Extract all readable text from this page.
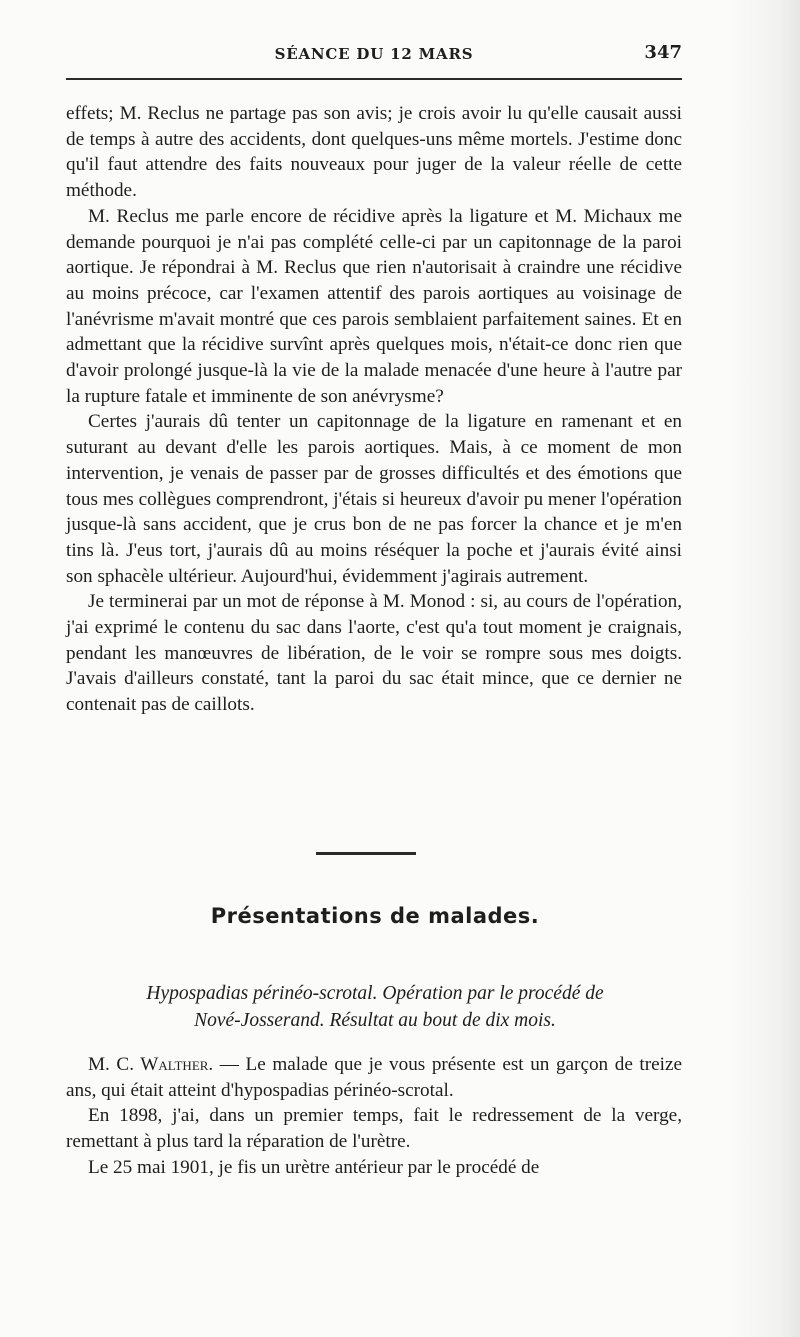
SÉANCE DU 12 MARS	347

effets; M. Reclus ne partage pas son avis; je crois avoir lu qu'elle causait aussi de temps à autre des accidents, dont quelques-uns même mortels. J'estime donc qu'il faut attendre des faits nouveaux pour juger de la valeur réelle de cette méthode.

M. Reclus me parle encore de récidive après la ligature et M. Michaux me demande pourquoi je n'ai pas complété celle-ci par un capitonnage de la paroi aortique. Je répondrai à M. Reclus que rien n'autorisait à craindre une récidive au moins précoce, car l'examen attentif des parois aortiques au voisinage de l'anévrisme m'avait montré que ces parois semblaient parfaitement saines. Et en admettant que la récidive survînt après quelques mois, n'était-ce donc rien que d'avoir prolongé jusque-là la vie de la malade menacée d'une heure à l'autre par la rupture fatale et imminente de son anévrysme?

Certes j'aurais dû tenter un capitonnage de la ligature en ramenant et en suturant au devant d'elle les parois aortiques. Mais, à ce moment de mon intervention, je venais de passer par de grosses difficultés et des émotions que tous mes collègues comprendront, j'étais si heureux d'avoir pu mener l'opération jusque-là sans accident, que je crus bon de ne pas forcer la chance et je m'en tins là. J'eus tort, j'aurais dû au moins réséquer la poche et j'aurais évité ainsi son sphacèle ultérieur. Aujourd'hui, évidemment j'agirais autrement.

Je terminerai par un mot de réponse à M. Monod : si, au cours de l'opération, j'ai exprimé le contenu du sac dans l'aorte, c'est qu'a tout moment je craignais, pendant les manœuvres de libération, de le voir se rompre sous mes doigts. J'avais d'ailleurs constaté, tant la paroi du sac était mince, que ce dernier ne contenait pas de caillots.

Présentations de malades.
Hypospadias périnéo-scrotal. Opération par le procédé de
Nové-Josserand. Résultat au bout de dix mois.

M. C. Walther. — Le malade que je vous présente est un garçon de treize ans, qui était atteint d'hypospadias périnéo-scrotal.

En 1898, j'ai, dans un premier temps, fait le redressement de la verge, remettant à plus tard la réparation de l'urètre.

Le 25 mai 1901, je fis un urètre antérieur par le procédé de
